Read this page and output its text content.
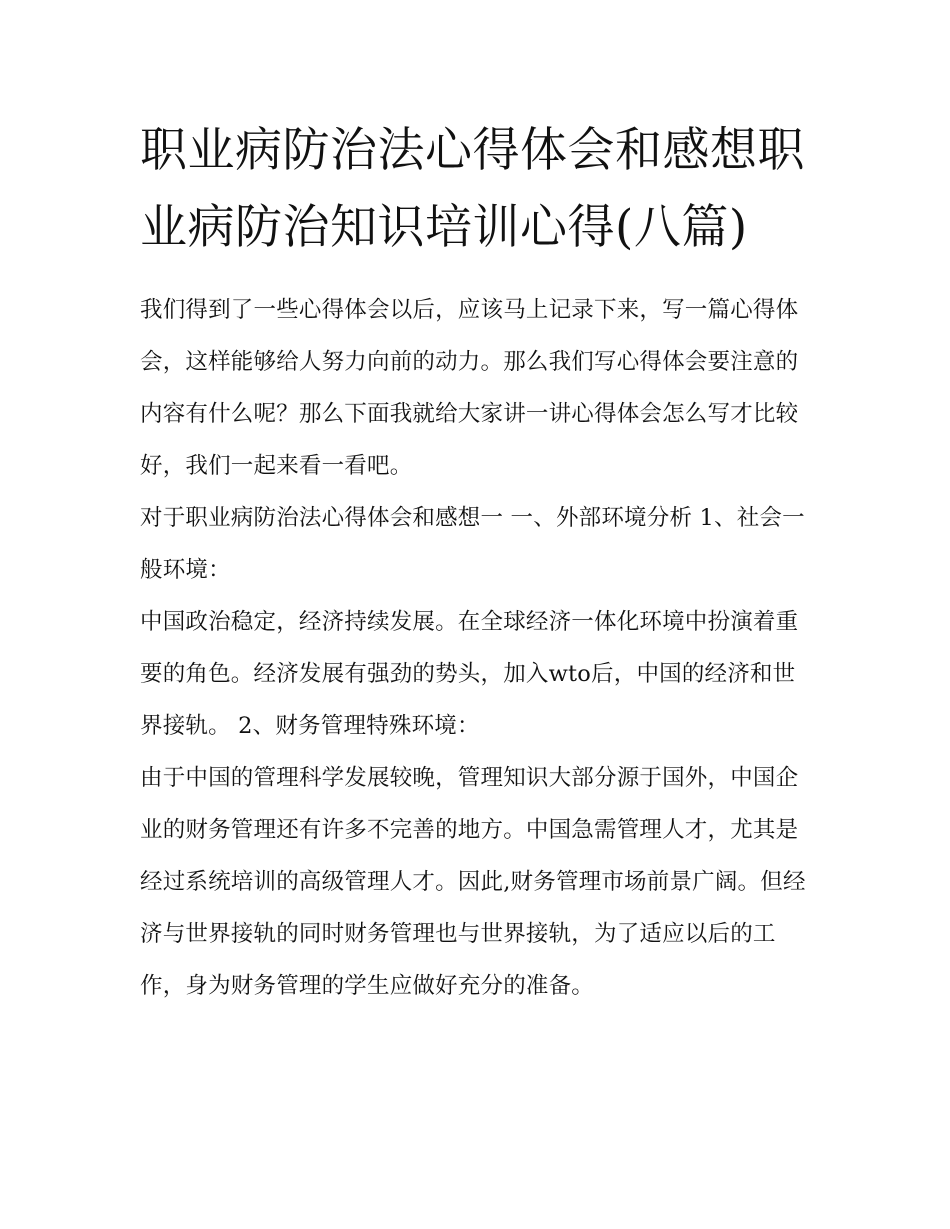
职业病防治法心得体会和感想职业病防治知识培训心得(八篇)

我们得到了一些心得体会以后，应该马上记录下来，写一篇心得体会，这样能够给人努力向前的动力。那么我们写心得体会要注意的内容有什么呢？那么下面我就给大家讲一讲心得体会怎么写才比较好，我们一起来看一看吧。

对于职业病防治法心得体会和感想一 一、外部环境分析 1、社会一般环境：

中国政治稳定，经济持续发展。在全球经济一体化环境中扮演着重要的角色。经济发展有强劲的势头，加入wto后，中国的经济和世界接轨。 2、财务管理特殊环境：

由于中国的管理科学发展较晚，管理知识大部分源于国外，中国企业的财务管理还有许多不完善的地方。中国急需管理人才，尤其是经过系统培训的高级管理人才。因此,财务管理市场前景广阔。但经济与世界接轨的同时财务管理也与世界接轨，为了适应以后的工作，身为财务管理的学生应做好充分的准备。
